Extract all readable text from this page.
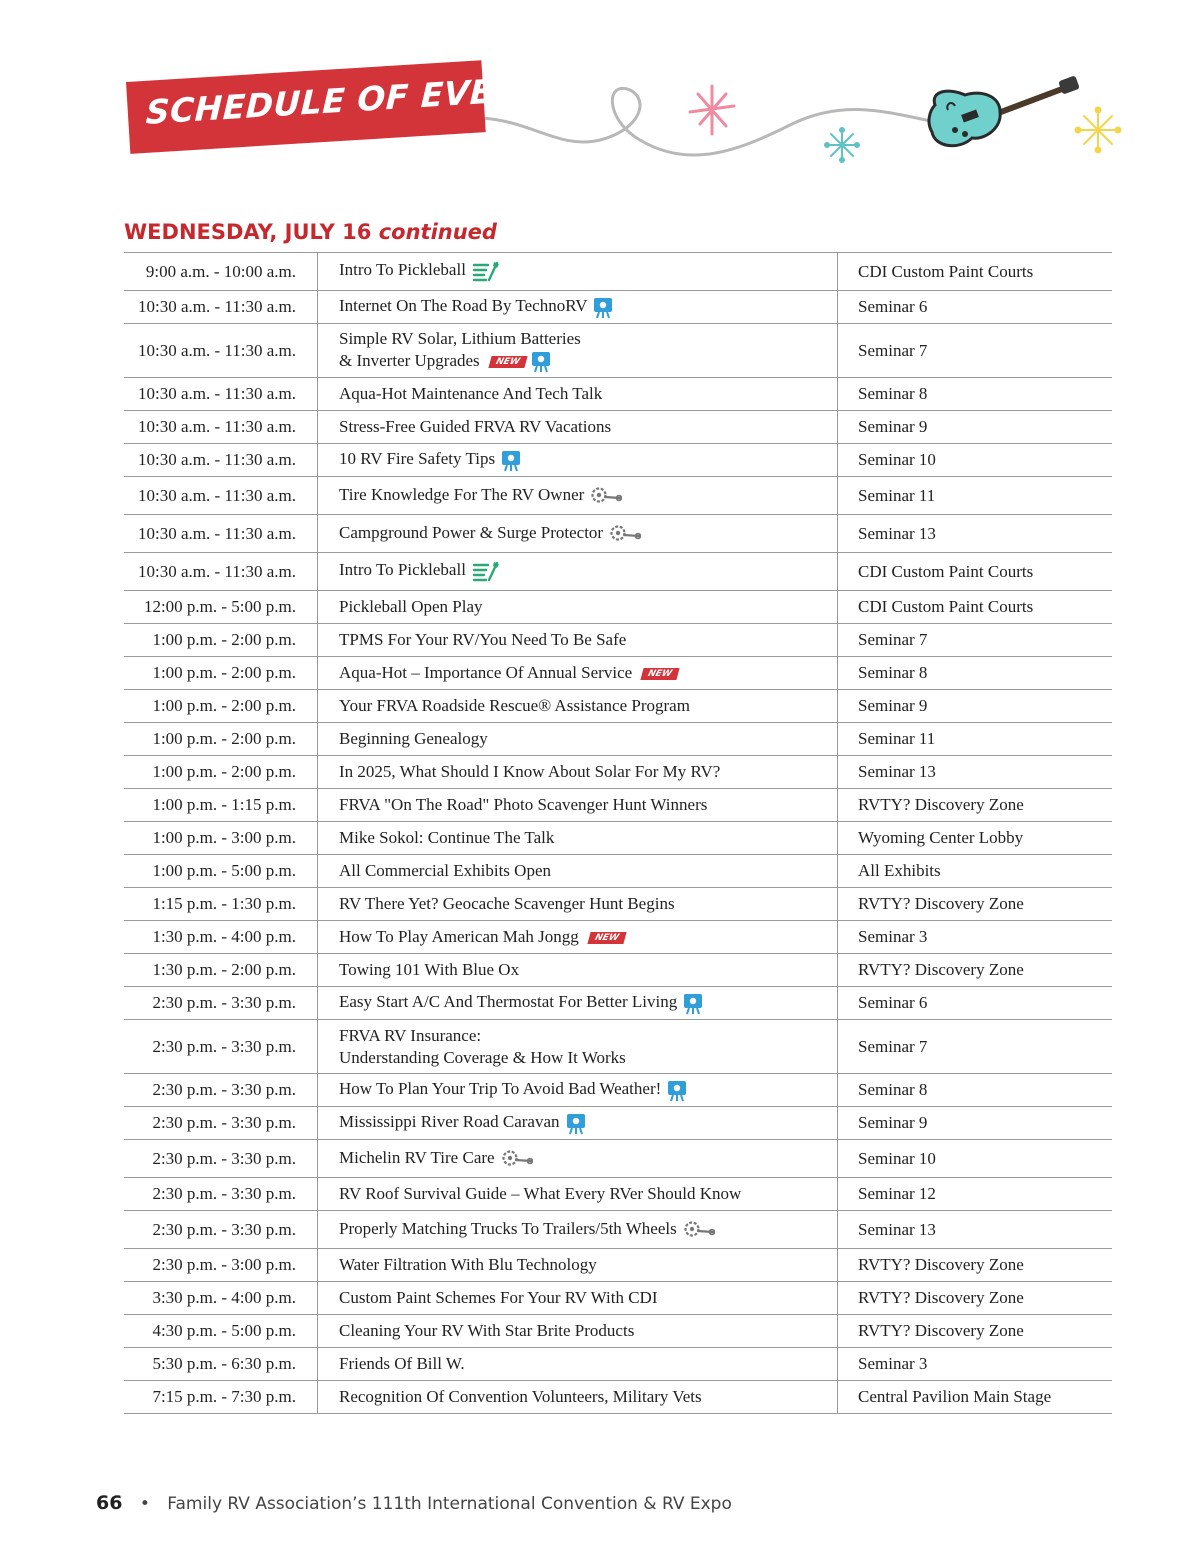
SCHEDULE OF EVENTS
WEDNESDAY, JULY 16 continued
9:00 a.m. - 10:00 a.m.	Intro To Pickleball	CDI Custom Paint Courts
10:30 a.m. - 11:30 a.m.	Internet On The Road By TechnoRV	Seminar 6
10:30 a.m. - 11:30 a.m.	Simple RV Solar, Lithium Batteries
& Inverter Upgrades NEW	Seminar 7
10:30 a.m. - 11:30 a.m.	Aqua-Hot Maintenance And Tech Talk	Seminar 8
10:30 a.m. - 11:30 a.m.	Stress-Free Guided FRVA RV Vacations	Seminar 9
10:30 a.m. - 11:30 a.m.	10 RV Fire Safety Tips	Seminar 10
10:30 a.m. - 11:30 a.m.	Tire Knowledge For The RV Owner	Seminar 11
10:30 a.m. - 11:30 a.m.	Campground Power & Surge Protector	Seminar 13
10:30 a.m. - 11:30 a.m.	Intro To Pickleball	CDI Custom Paint Courts
12:00 p.m. - 5:00 p.m.	Pickleball Open Play	CDI Custom Paint Courts
1:00 p.m. - 2:00 p.m.	TPMS For Your RV/You Need To Be Safe	Seminar 7
1:00 p.m. - 2:00 p.m.	Aqua-Hot – Importance Of Annual Service NEW	Seminar 8
1:00 p.m. - 2:00 p.m.	Your FRVA Roadside Rescue® Assistance Program	Seminar 9
1:00 p.m. - 2:00 p.m.	Beginning Genealogy	Seminar 11
1:00 p.m. - 2:00 p.m.	In 2025, What Should I Know About Solar For My RV?	Seminar 13
1:00 p.m. - 1:15 p.m.	FRVA "On The Road" Photo Scavenger Hunt Winners	RVTY? Discovery Zone
1:00 p.m. - 3:00 p.m.	Mike Sokol: Continue The Talk	Wyoming Center Lobby
1:00 p.m. - 5:00 p.m.	All Commercial Exhibits Open	All Exhibits
1:15 p.m. - 1:30 p.m.	RV There Yet? Geocache Scavenger Hunt Begins	RVTY? Discovery Zone
1:30 p.m. - 4:00 p.m.	How To Play American Mah Jongg NEW	Seminar 3
1:30 p.m. - 2:00 p.m.	Towing 101 With Blue Ox	RVTY? Discovery Zone
2:30 p.m. - 3:30 p.m.	Easy Start A/C And Thermostat For Better Living	Seminar 6
2:30 p.m. - 3:30 p.m.	FRVA RV Insurance:
Understanding Coverage & How It Works	Seminar 7
2:30 p.m. - 3:30 p.m.	How To Plan Your Trip To Avoid Bad Weather!	Seminar 8
2:30 p.m. - 3:30 p.m.	Mississippi River Road Caravan	Seminar 9
2:30 p.m. - 3:30 p.m.	Michelin RV Tire Care	Seminar 10
2:30 p.m. - 3:30 p.m.	RV Roof Survival Guide – What Every RVer Should Know	Seminar 12
2:30 p.m. - 3:30 p.m.	Properly Matching Trucks To Trailers/5th Wheels	Seminar 13
2:30 p.m. - 3:00 p.m.	Water Filtration With Blu Technology	RVTY? Discovery Zone
3:30 p.m. - 4:00 p.m.	Custom Paint Schemes For Your RV With CDI	RVTY? Discovery Zone
4:30 p.m. - 5:00 p.m.	Cleaning Your RV With Star Brite Products	RVTY? Discovery Zone
5:30 p.m. - 6:30 p.m.	Friends Of Bill W.	Seminar 3
7:15 p.m. - 7:30 p.m.	Recognition Of Convention Volunteers, Military Vets	Central Pavilion Main Stage
66 • Family RV Association’s 111th International Convention & RV Expo
